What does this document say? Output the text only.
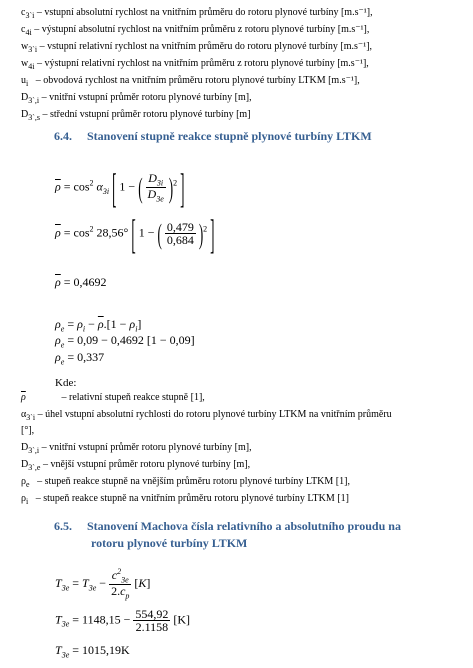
$c_{3`i}$ – vstupní absolutní rychlost na vnitřním průměru do rotoru plynové turbíny [m.s⁻¹],
$c_{4i}$ – výstupní absolutní rychlost na vnitřním průměru z rotoru plynové turbíny [m.s⁻¹],
$w_{3`i}$ – vstupní relativní rychlost na vnitřním průměru do rotoru plynové turbíny [m.s⁻¹],
$w_{4i}$ – výstupní relativní rychlost na vnitřním průměru z rotoru plynové turbíny [m.s⁻¹],
$u_i$ – obvodová rychlost na vnitřním průměru rotoru plynové turbíny LTKM [m.s⁻¹],
$D_{3`,i}$ – vnitřní vstupní průměr rotoru plynové turbíny [m],
$D_{3`,s}$ – střední vstupní průměr rotoru plynové turbíny [m]
6.4. Stanovení stupně reakce stupně plynové turbíny LTKM
$\overline{\rho} = \cos^2 \alpha_{3i}$ [ 1 − ( $\frac{D_{3i}}{D_{3e}} )^2$ ]
$\overline{\rho} = \cos^2 28,56^\circ$ [ 1 − ( $\frac{0,479}{0,684} )^2$ ]
$\overline{\rho} = 0,4692$
$\rho_e = \rho_i - \overline{\rho}.[1 - \rho_i]$
$\rho_e = 0,09 - 0,4692$ [1 − 0,09]
$\rho_e = 0,337$
Kde:
$\overline{\rho}$	– relativní stupeň reakce stupně [1],
$\alpha_{3`i}$ – úhel vstupní absolutní rychlosti do rotoru plynové turbíny LTKM na vnitřním průměru
[°],
$D_{3`,i}$ – vnitřní vstupní průměr rotoru plynové turbíny [m],
$D_{3`,e}$ – vnější vstupní průměr rotoru plynové turbíny [m],
$\rho_e$ – stupeň reakce stupně na vnějším průměru rotoru plynové turbíny LTKM [1],
$\rho_i$ – stupeň reakce stupně na vnitřním průměru rotoru plynové turbíny LTKM [1]
6.5. Stanovení Machova čísla relativního a absolutního proudu na
rotoru plynové turbíny LTKM
$T_{3e} = T_{3e} - \frac{c^2_{3e}}{2.c_p} [K]$
$T_{3e} = 1148,15 - \frac{554,92}{2.1158} [K]$
$T_{3e} = 1015,19K$
